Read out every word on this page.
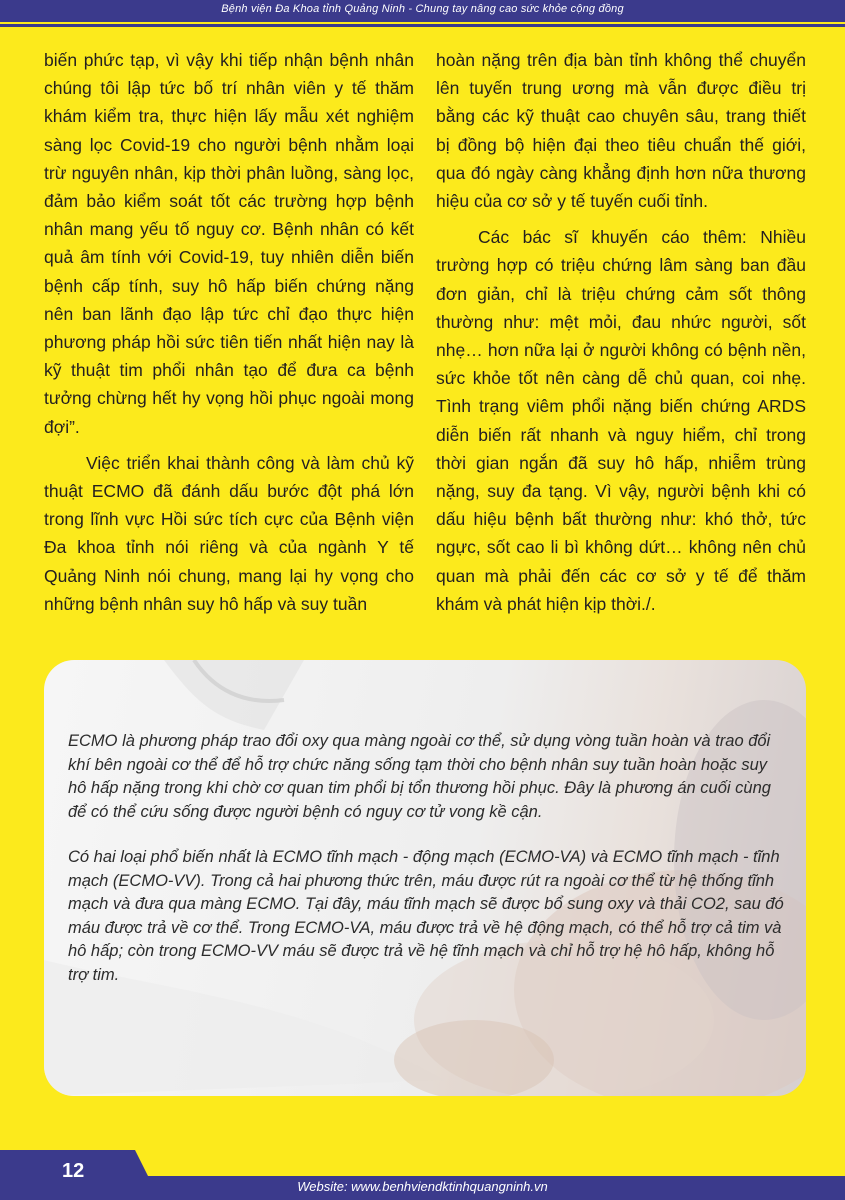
Bệnh viện Đa Khoa tỉnh Quảng Ninh - Chung tay nâng cao sức khỏe cộng đồng

biến phức tạp, vì vậy khi tiếp nhận bệnh nhân chúng tôi lập tức bố trí nhân viên y tế thăm khám kiểm tra, thực hiện lấy mẫu xét nghiệm sàng lọc Covid-19 cho người bệnh nhằm loại trừ nguyên nhân, kịp thời phân luồng, sàng lọc, đảm bảo kiểm soát tốt các trường hợp bệnh nhân mang yếu tố nguy cơ. Bệnh nhân có kết quả âm tính với Covid-19, tuy nhiên diễn biến bệnh cấp tính, suy hô hấp biến chứng nặng nên ban lãnh đạo lập tức chỉ đạo thực hiện phương pháp hồi sức tiên tiến nhất hiện nay là kỹ thuật tim phổi nhân tạo để đưa ca bệnh tưởng chừng hết hy vọng hồi phục ngoài mong đợi”.

Việc triển khai thành công và làm chủ kỹ thuật ECMO đã đánh dấu bước đột phá lớn trong lĩnh vực Hồi sức tích cực của Bệnh viện Đa khoa tỉnh nói riêng và của ngành Y tế Quảng Ninh nói chung, mang lại hy vọng cho những bệnh nhân suy hô hấp và suy tuần

hoàn nặng trên địa bàn tỉnh không thể chuyển lên tuyến trung ương mà vẫn được điều trị bằng các kỹ thuật cao chuyên sâu, trang thiết bị đồng bộ hiện đại theo tiêu chuẩn thế giới, qua đó ngày càng khẳng định hơn nữa thương hiệu của cơ sở y tế tuyến cuối tỉnh.

Các bác sĩ khuyến cáo thêm: Nhiều trường hợp có triệu chứng lâm sàng ban đầu đơn giản, chỉ là triệu chứng cảm sốt thông thường như: mệt mỏi, đau nhức người, sốt nhẹ… hơn nữa lại ở người không có bệnh nền, sức khỏe tốt nên càng dễ chủ quan, coi nhẹ. Tình trạng viêm phổi nặng biến chứng ARDS diễn biến rất nhanh và nguy hiểm, chỉ trong thời gian ngắn đã suy hô hấp, nhiễm trùng nặng, suy đa tạng. Vì vậy, người bệnh khi có dấu hiệu bệnh bất thường như: khó thở, tức ngực, sốt cao li bì không dứt… không nên chủ quan mà phải đến các cơ sở y tế để thăm khám và phát hiện kịp thời./.

ECMO là phương pháp trao đổi oxy qua màng ngoài cơ thể, sử dụng vòng tuần hoàn và trao đổi khí bên ngoài cơ thể để hỗ trợ chức năng sống tạm thời cho bệnh nhân suy tuần hoàn hoặc suy hô hấp nặng trong khi chờ cơ quan tim phổi bị tổn thương hồi phục. Đây là phương án cuối cùng để có thể cứu sống được người bệnh có nguy cơ tử vong kề cận.

Có hai loại phổ biến nhất là ECMO tĩnh mạch - động mạch (ECMO-VA) và ECMO tĩnh mạch - tĩnh mạch (ECMO-VV). Trong cả hai phương thức trên, máu được rút ra ngoài cơ thể từ hệ thống tĩnh mạch và đưa qua màng ECMO. Tại đây, máu tĩnh mạch sẽ được bổ sung oxy và thải CO2, sau đó máu được trả về cơ thể. Trong ECMO-VA, máu được trả về hệ động mạch, có thể hỗ trợ cả tim và hô hấp; còn trong ECMO-VV máu sẽ được trả về hệ tĩnh mạch và chỉ hỗ trợ hệ hô hấp, không hỗ trợ tim.

12
Website: www.benhviendktinhquangninh.vn
